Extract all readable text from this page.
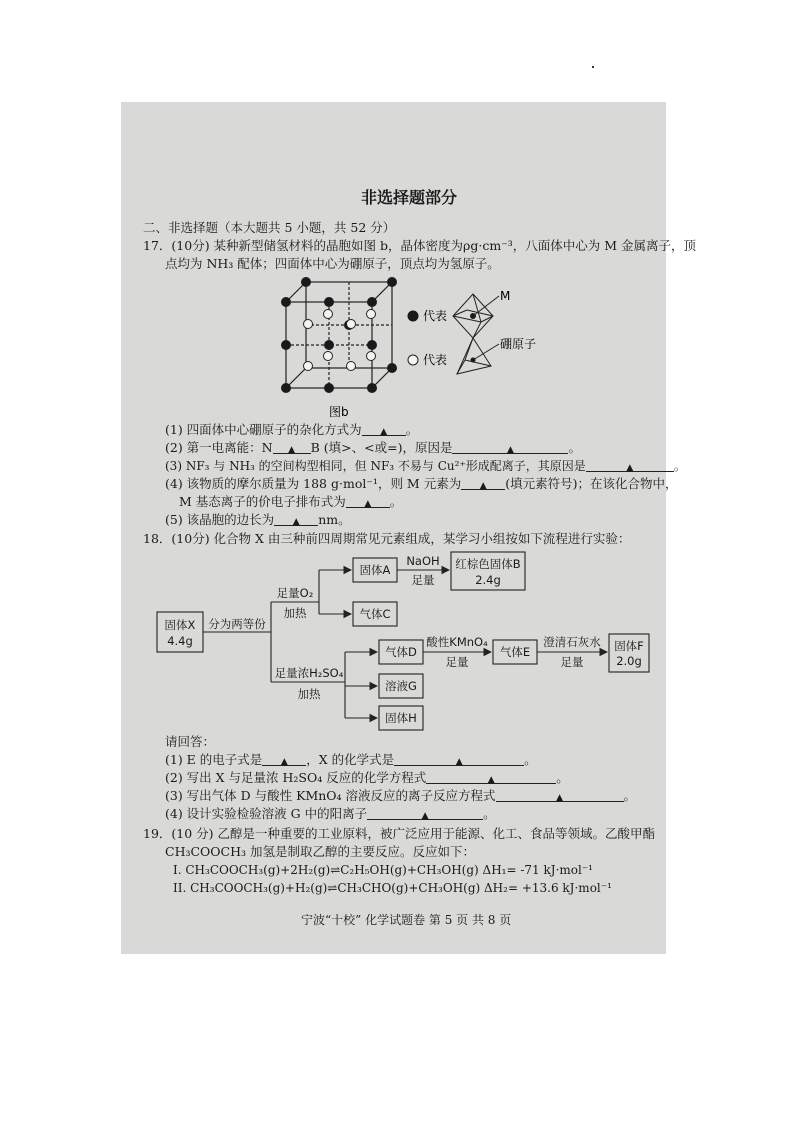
非选择题部分
二、非选择题（本大题共 5 小题，共 52 分）
17．(10分) 某种新型储氢材料的晶胞如图 b，晶体密度为ρg·cm⁻³，八面体中心为 M 金属离子，顶
点均为 NH₃ 配体；四面体中心为硼原子，顶点均为氢原子。
代表
M
代表
硼原子
图b
(1) 四面体中心硼原子的杂化方式为 ▲ 。
(2) 第一电离能：N ▲ B (填>、<或=)，原因是	▲	。
(3) NF₃ 与 NH₃ 的空间构型相同，但 NF₃ 不易与 Cu²⁺形成配离子，其原因是	▲	。
(4) 该物质的摩尔质量为 188 g·mol⁻¹，则 M 元素为 ▲ (填元素符号)；在该化合物中，
M 基态离子的价电子排布式为 ▲ 。
(5) 该晶胞的边长为 ▲ nm。
18．(10分) 化合物 X 由三种前四周期常见元素组成，某学习小组按如下流程进行实验：
固体X
4.4g
分为两等份
足量O₂
加热
固体A
NaOH
足量
红棕色固体B
2.4g
气体C
足量浓H₂SO₄
加热
气体D
酸性KMnO₄
足量
气体E
澄清石灰水
足量
固体F
2.0g
溶液G
固体H
请回答：
(1) E 的电子式是 ▲ ，X 的化学式是	▲	。
(2) 写出 X 与足量浓 H₂SO₄ 反应的化学方程式	▲	。
(3) 写出气体 D 与酸性 KMnO₄ 溶液反应的离子反应方程式	▲	。
(4) 设计实验检验溶液 G 中的阳离子	▲	。
19．(10 分) 乙醇是一种重要的工业原料，被广泛应用于能源、化工、食品等领域。乙酸甲酯
CH₃COOCH₃ 加氢是制取乙醇的主要反应。反应如下：
I. CH₃COOCH₃(g)+2H₂(g)⇌C₂H₅OH(g)+CH₃OH(g) ΔH₁= -71 kJ·mol⁻¹
II. CH₃COOCH₃(g)+H₂(g)⇌CH₃CHO(g)+CH₃OH(g) ΔH₂= +13.6 kJ·mol⁻¹
宁波“十校” 化学试题卷 第 5 页 共 8 页
